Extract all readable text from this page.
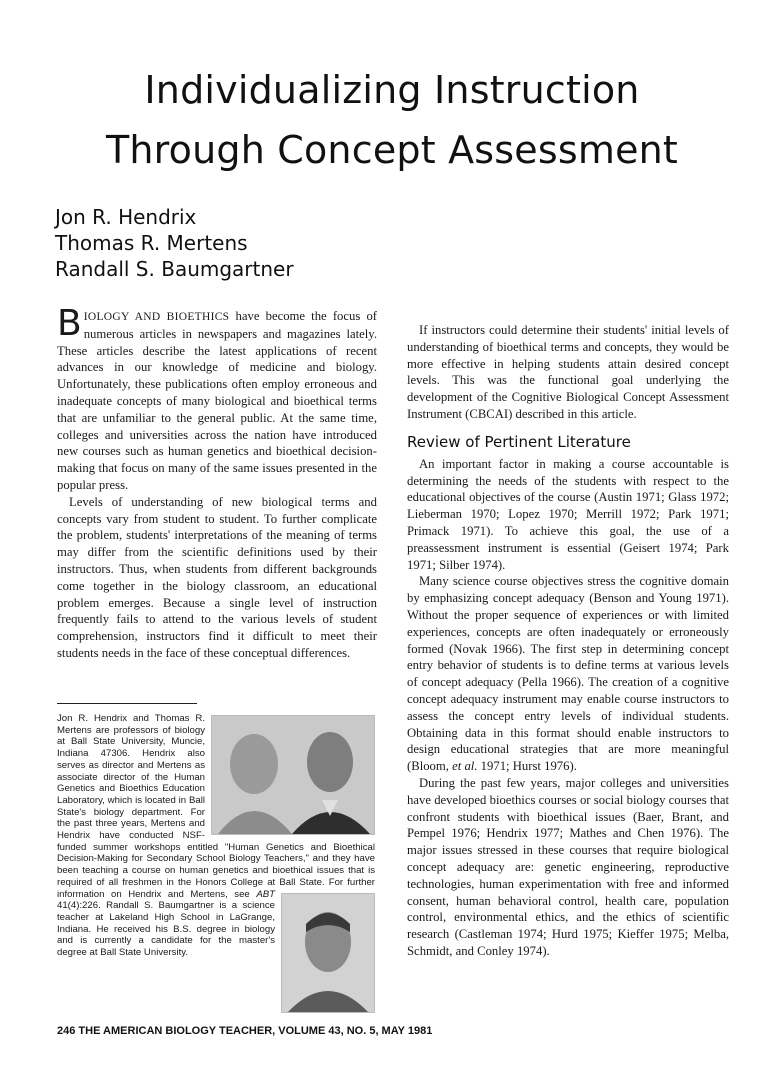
Individualizing Instruction
Through Concept Assessment
Jon R. Hendrix
Thomas R. Mertens
Randall S. Baumgartner

BIOLOGY AND BIOETHICS have become the focus of numerous articles in newspapers and magazines lately. These articles describe the latest applications of recent advances in our knowledge of medicine and biology. Unfortunately, these publications often employ erroneous and inadequate concepts of many biological and bioethical terms that are unfamiliar to the general public. At the same time, colleges and universities across the nation have introduced new courses such as human genetics and bioethical decision-making that focus on many of the same issues presented in the popular press.

Levels of understanding of new biological terms and concepts vary from student to student. To further complicate the problem, students' interpretations of the meaning of terms may differ from the scientific definitions used by their instructors. Thus, when students from different backgrounds come together in the biology classroom, an educational problem emerges. Because a single level of instruction frequently fails to attend to the various levels of student comprehension, instructors find it difficult to meet their students needs in the face of these conceptual differences.

Jon R. Hendrix and Thomas R. Mertens are professors of biology at Ball State University, Muncie, Indiana 47306. Hendrix also serves as director and Mertens as associate director of the Human Genetics and Bioethics Education Laboratory, which is located in Ball State's biology department. For the past three years, Mertens and Hendrix have conducted NSF-funded summer workshops entitled "Human Genetics and Bioethical Decision-Making for Secondary School Biology Teachers," and they have been teaching a course on human genetics and bioethical issues that is required of all freshmen in the Honors College at Ball State. For further information on Hendrix and Mertens, see ABT
41(4):226. Randall S. Baumgartner is a science teacher at Lakeland High School in LaGrange, Indiana. He received his B.S. degree in biology and is currently a candidate for the master's degree at Ball State University.

If instructors could determine their students' initial levels of understanding of bioethical terms and concepts, they would be more effective in helping students attain desired concept levels. This was the functional goal underlying the development of the Cognitive Biological Concept Assessment Instrument (CBCAI) described in this article.

Review of Pertinent Literature

An important factor in making a course accountable is determining the needs of the students with respect to the educational objectives of the course (Austin 1971; Glass 1972; Lieberman 1970; Lopez 1970; Merrill 1972; Park 1971; Primack 1971). To achieve this goal, the use of a preassessment instrument is essential (Geisert 1974; Park 1971; Silber 1974).

Many science course objectives stress the cognitive domain by emphasizing concept adequacy (Benson and Young 1971). Without the proper sequence of experiences or with limited experiences, concepts are often inadequately or erroneously formed (Novak 1966). The first step in determining concept entry behavior of students is to define terms at various levels of concept adequacy (Pella 1966). The creation of a cognitive concept adequacy instrument may enable course instructors to assess the concept entry levels of individual students. Obtaining data in this format should enable instructors to design educational strategies that are more meaningful (Bloom, et al. 1971; Hurst 1976).

During the past few years, major colleges and universities have developed bioethics courses or social biology courses that confront students with bioethical issues (Baer, Brant, and Pempel 1976; Hendrix 1977; Mathes and Chen 1976). The major issues stressed in these courses that require biological concept adequacy are: genetic engineering, reproductive technologies, human experimentation with free and informed consent, human behavioral control, health care, population control, environmental ethics, and the ethics of scientific research (Castleman 1974; Hurd 1975; Kieffer 1975; Melba, Schmidt, and Conley 1974).

246 THE AMERICAN BIOLOGY TEACHER, VOLUME 43, NO. 5, MAY 1981
